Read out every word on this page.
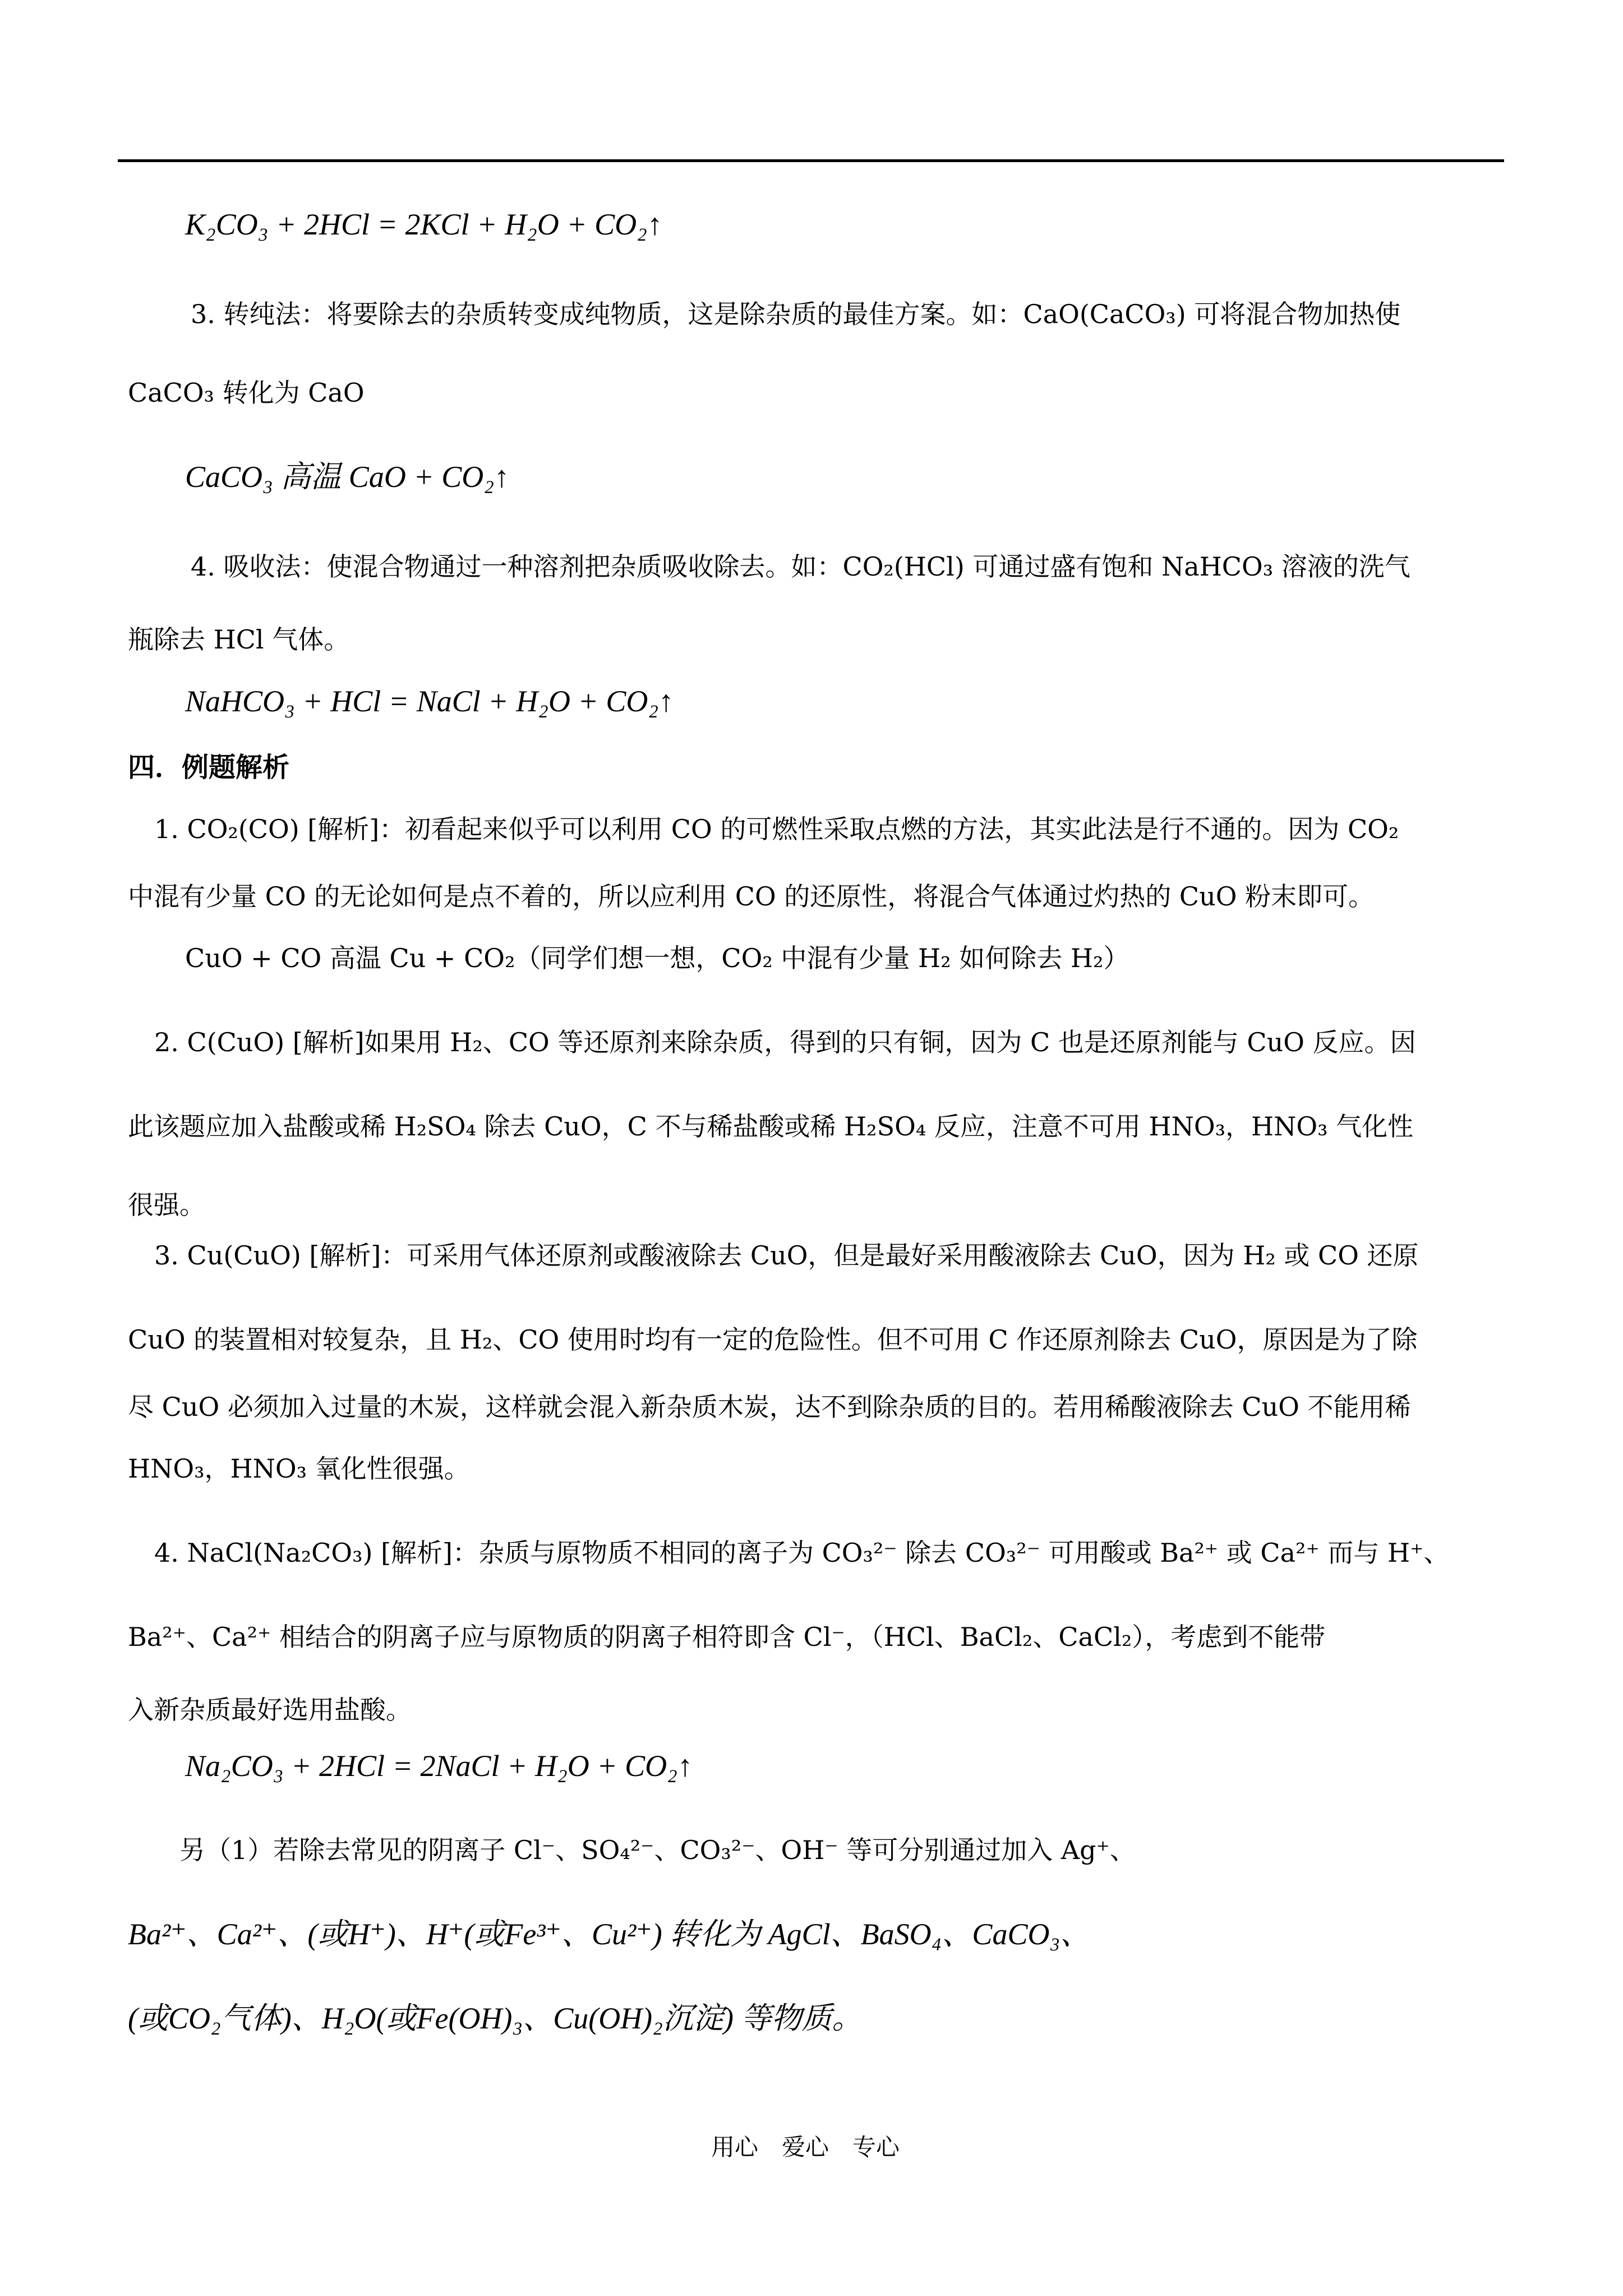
K₂CO₃ + 2HCl = 2KCl + H₂O + CO₂↑
3. 转纯法：将要除去的杂质转变成纯物质，这是除杂质的最佳方案。如：CaO(CaCO₃) 可将混合物加热使
CaCO₃ 转化为 CaO
CaCO₃ 高温 CaO + CO₂↑
4. 吸收法：使混合物通过一种溶剂把杂质吸收除去。如：CO₂(HCl) 可通过盛有饱和 NaHCO₃ 溶液的洗气
瓶除去 HCl 气体。
NaHCO₃ + HCl = NaCl + H₂O + CO₂↑
四．例题解析
1. CO₂(CO) [解析]：初看起来似乎可以利用 CO 的可燃性采取点燃的方法，其实此法是行不通的。因为 CO₂
中混有少量 CO 的无论如何是点不着的，所以应利用 CO 的还原性，将混合气体通过灼热的 CuO 粉末即可。
CuO + CO 高温 Cu + CO₂（同学们想一想，CO₂ 中混有少量 H₂ 如何除去 H₂）
2. C(CuO) [解析]如果用 H₂、CO 等还原剂来除杂质，得到的只有铜，因为 C 也是还原剂能与 CuO 反应。因
此该题应加入盐酸或稀 H₂SO₄ 除去 CuO，C 不与稀盐酸或稀 H₂SO₄ 反应，注意不可用 HNO₃，HNO₃ 气化性
很强。
3. Cu(CuO) [解析]：可采用气体还原剂或酸液除去 CuO，但是最好采用酸液除去 CuO，因为 H₂ 或 CO 还原
CuO 的装置相对较复杂，且 H₂、CO 使用时均有一定的危险性。但不可用 C 作还原剂除去 CuO，原因是为了除
尽 CuO 必须加入过量的木炭，这样就会混入新杂质木炭，达不到除杂质的目的。若用稀酸液除去 CuO 不能用稀
HNO₃，HNO₃ 氧化性很强。
4. NaCl(Na₂CO₃) [解析]：杂质与原物质不相同的离子为 CO₃²⁻ 除去 CO₃²⁻ 可用酸或 Ba²⁺ 或 Ca²⁺ 而与 H⁺、
Ba²⁺、Ca²⁺ 相结合的阴离子应与原物质的阴离子相符即含 Cl⁻，（HCl、BaCl₂、CaCl₂），考虑到不能带
入新杂质最好选用盐酸。
Na₂CO₃ + 2HCl = 2NaCl + H₂O + CO₂↑
另（1）若除去常见的阴离子 Cl⁻、SO₄²⁻、CO₃²⁻、OH⁻ 等可分别通过加入 Ag⁺、
Ba²⁺、Ca²⁺、(或H⁺)、H⁺(或Fe³⁺、Cu²⁺) 转化为 AgCl、BaSO₄、CaCO₃、
(或CO₂气体)、H₂O(或Fe(OH)₃、Cu(OH)₂沉淀) 等物质。
用心　爱心　专心
